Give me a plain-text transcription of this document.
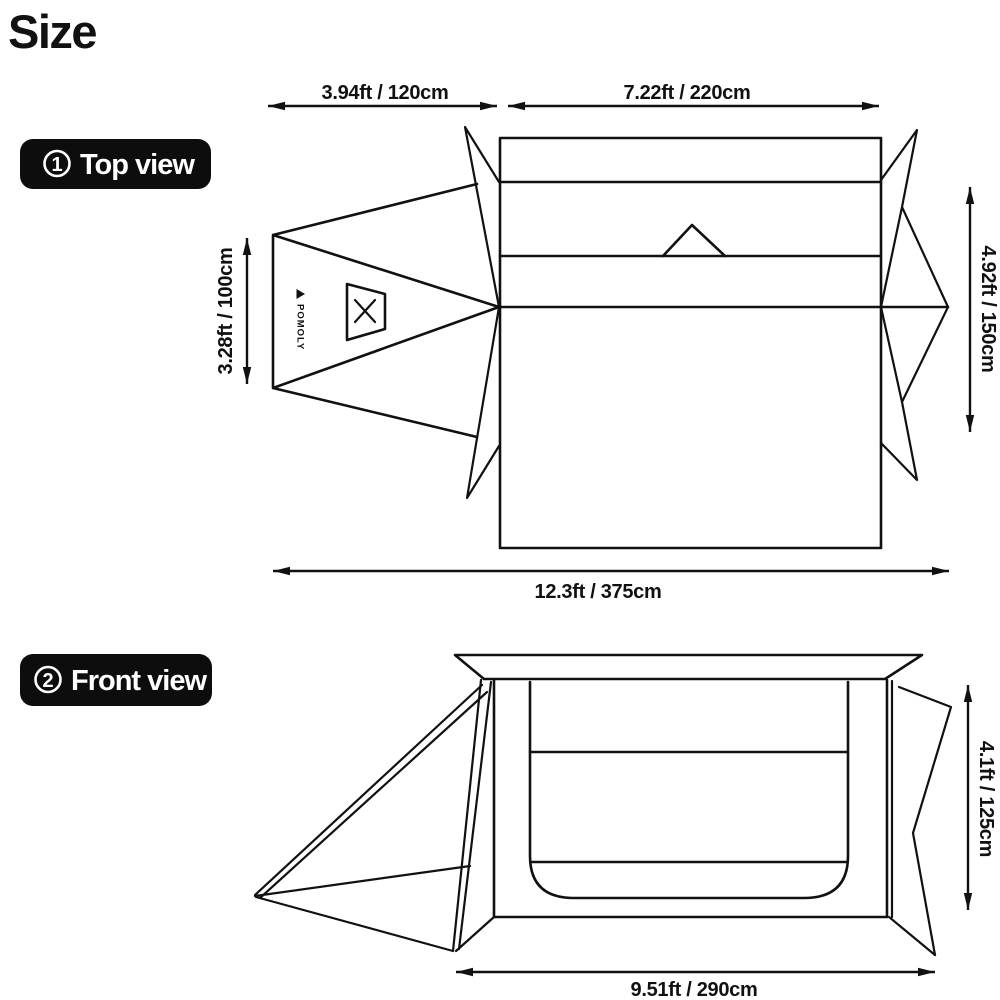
Size
1 Top view
POMOLY
3.94ft / 120cm	7.22ft / 220cm
3.28ft / 100cm	4.92ft / 150cm
12.3ft / 375cm
2 Front view
4.1ft / 125cm
9.51ft / 290cm
